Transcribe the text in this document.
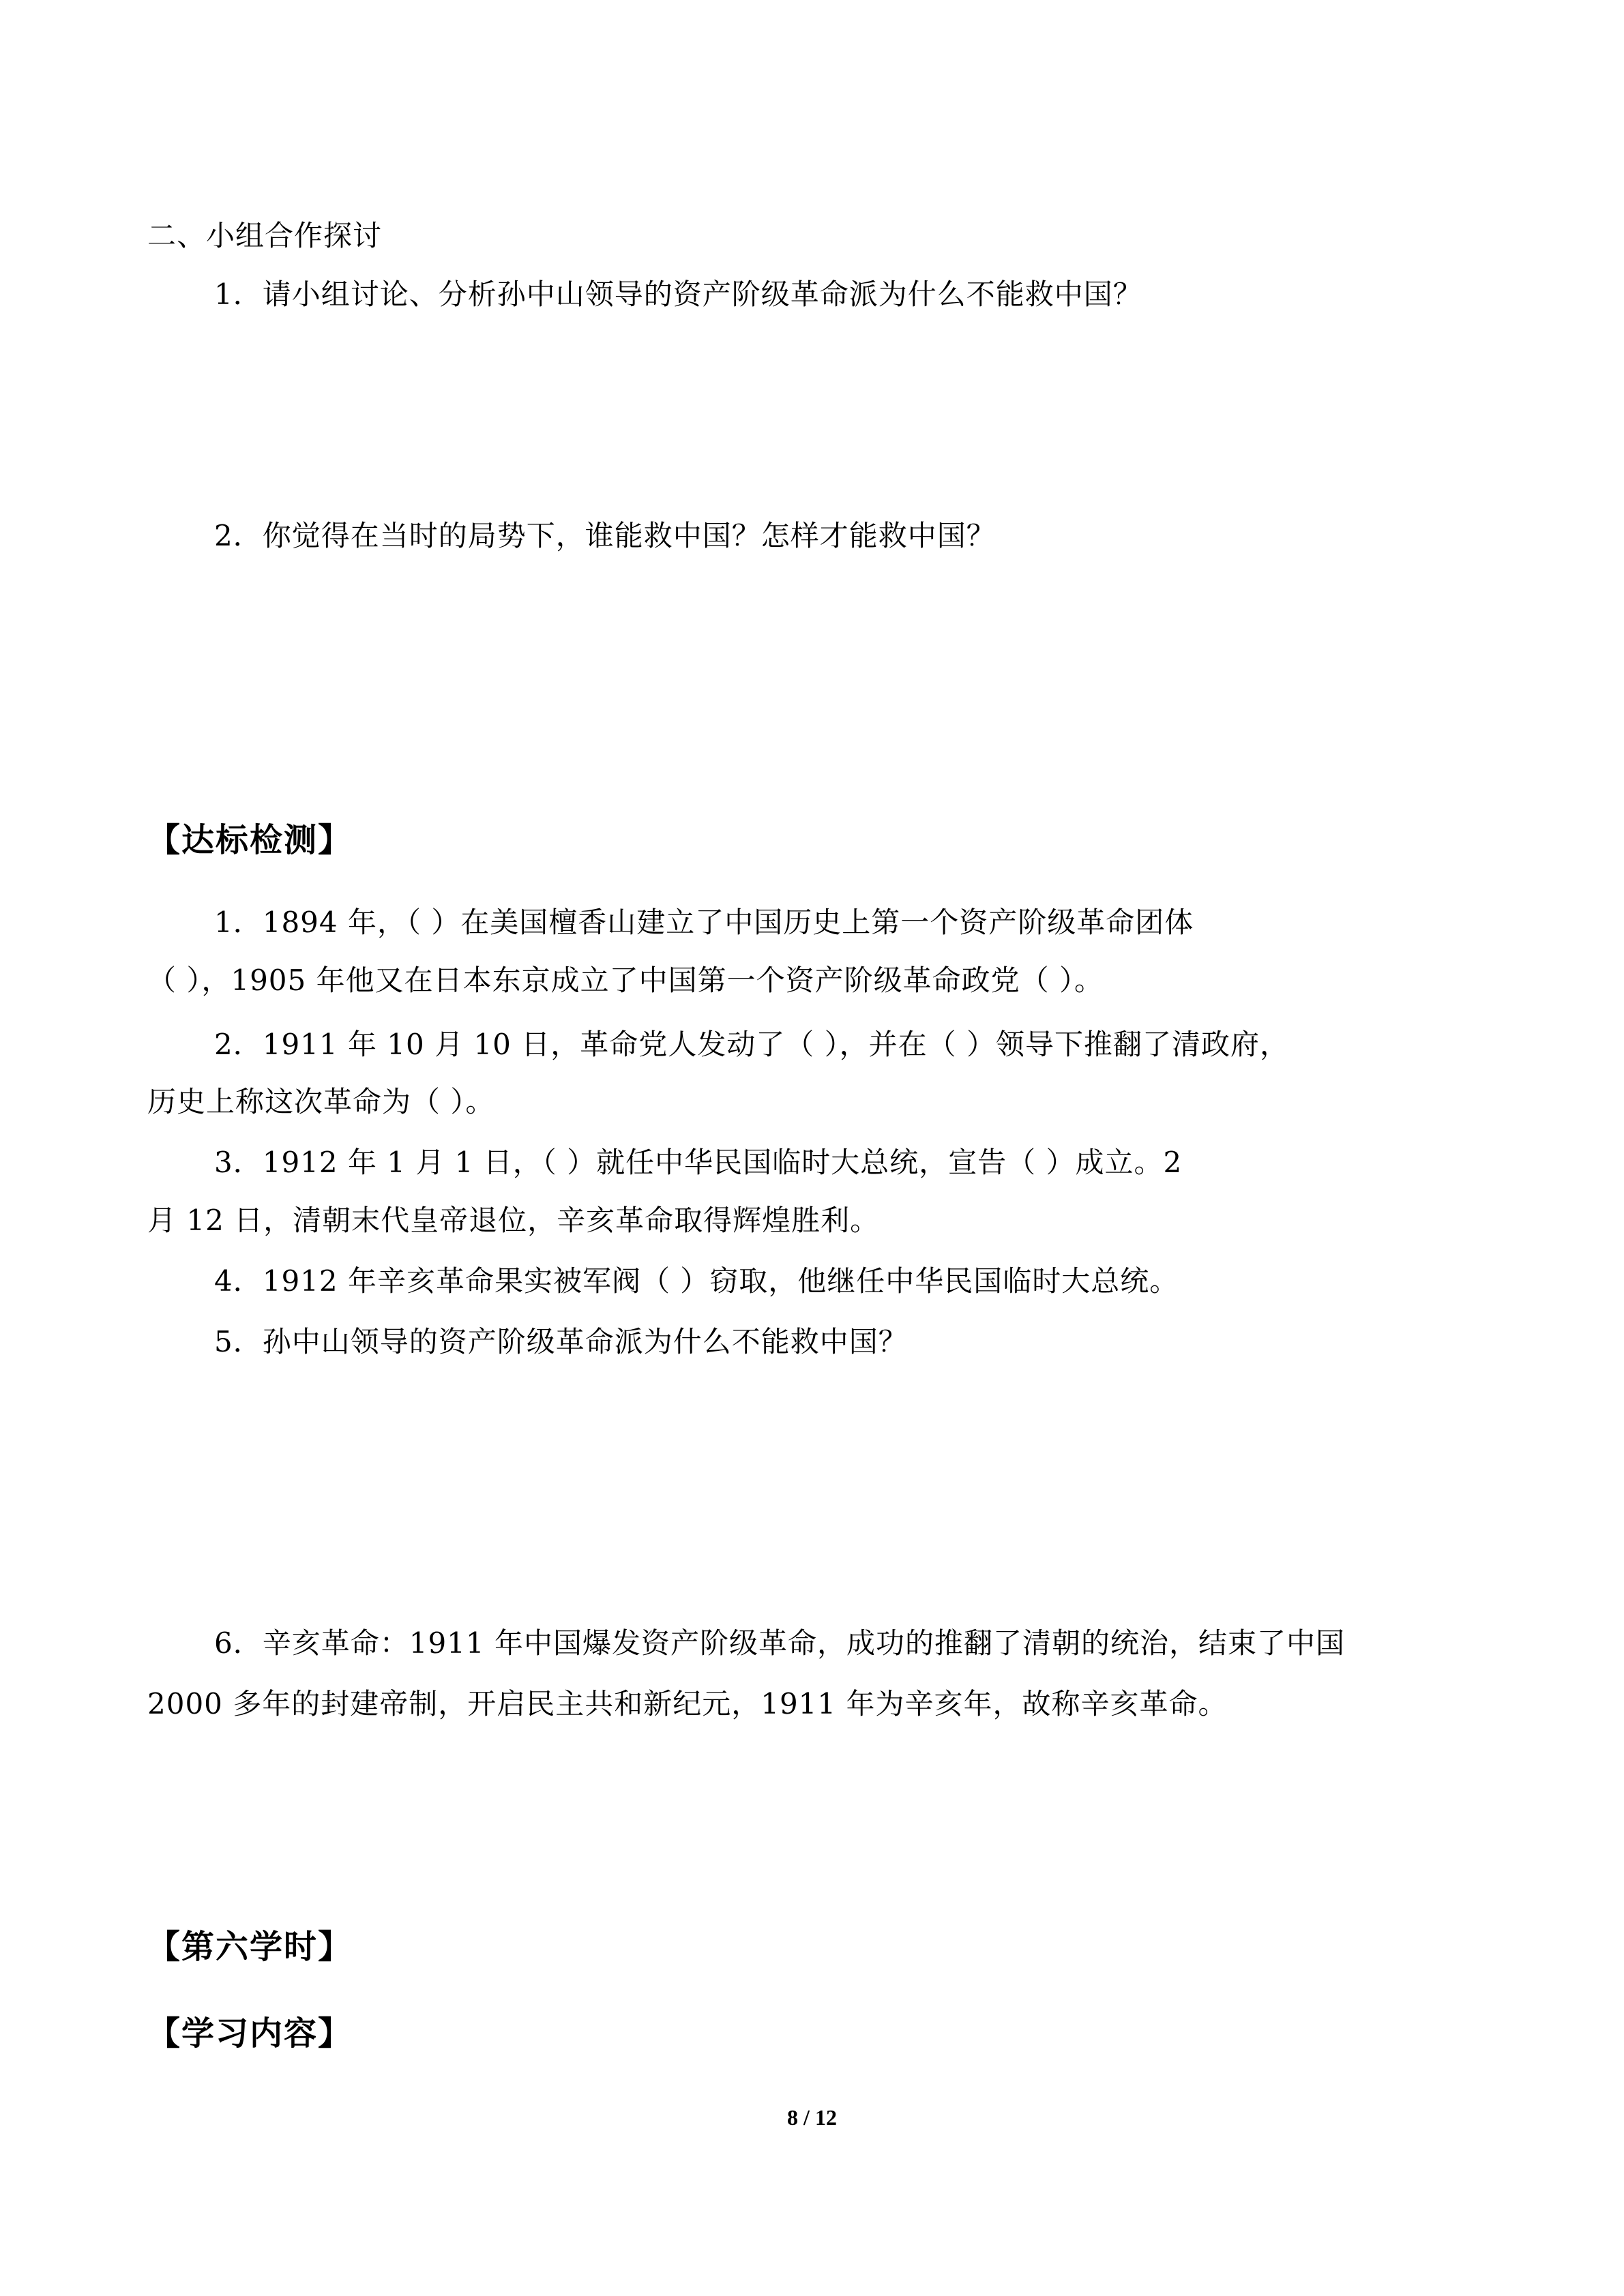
二、小组合作探讨
1．请小组讨论、分析孙中山领导的资产阶级革命派为什么不能救中国？
2．你觉得在当时的局势下，谁能救中国？怎样才能救中国？
【达标检测】
1．1894 年，（ ）在美国檀香山建立了中国历史上第一个资产阶级革命团体
（ ），1905 年他又在日本东京成立了中国第一个资产阶级革命政党（ ）。
2．1911 年 10 月 10 日，革命党人发动了（ ），并在（ ）领导下推翻了清政府，
历史上称这次革命为（ ）。
3．1912 年 1 月 1 日，（ ）就任中华民国临时大总统，宣告（ ）成立。2
月 12 日，清朝末代皇帝退位，辛亥革命取得辉煌胜利。
4．1912 年辛亥革命果实被军阀（ ）窃取，他继任中华民国临时大总统。
5．孙中山领导的资产阶级革命派为什么不能救中国？
6．辛亥革命：1911 年中国爆发资产阶级革命，成功的推翻了清朝的统治，结束了中国
2000 多年的封建帝制，开启民主共和新纪元，1911 年为辛亥年，故称辛亥革命。
【第六学时】
【学习内容】
8 / 12
